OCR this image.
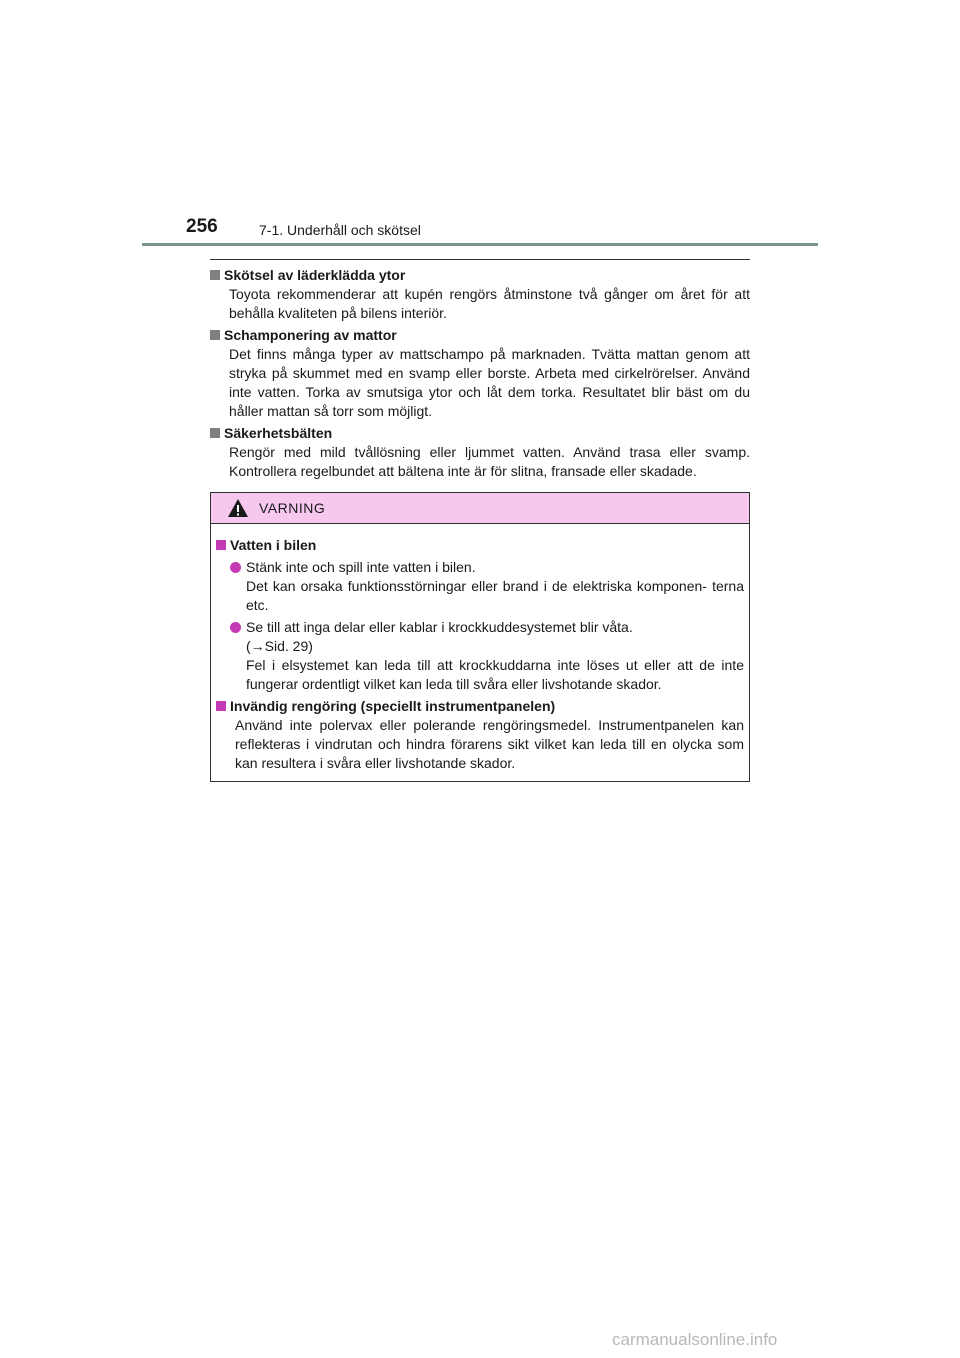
256	7-1. Underhåll och skötsel
Skötsel av läderklädda ytor
Toyota rekommenderar att kupén rengörs åtminstone två gånger om året för att behålla kvaliteten på bilens interiör.
Schamponering av mattor
Det finns många typer av mattschampo på marknaden. Tvätta mattan genom att stryka på skummet med en svamp eller borste. Arbeta med cirkelrörelser. Använd inte vatten. Torka av smutsiga ytor och låt dem torka. Resultatet blir bäst om du håller mattan så torr som möjligt.
Säkerhetsbälten
Rengör med mild tvållösning eller ljummet vatten. Använd trasa eller svamp. Kontrollera regelbundet att bältena inte är för slitna, fransade eller skadade.
VARNING
Vatten i bilen
Stänk inte och spill inte vatten i bilen.
Det kan orsaka funktionsstörningar eller brand i de elektriska komponen- terna etc.
Se till att inga delar eller kablar i krockkuddesystemet blir våta.
(→Sid. 29)
Fel i elsystemet kan leda till att krockkuddarna inte löses ut eller att de inte fungerar ordentligt vilket kan leda till svåra eller livshotande skador.
Invändig rengöring (speciellt instrumentpanelen)
Använd inte polervax eller polerande rengöringsmedel. Instrumentpanelen kan reflekteras i vindrutan och hindra förarens sikt vilket kan leda till en olycka som kan resultera i svåra eller livshotande skador.
carmanualsonline.info
